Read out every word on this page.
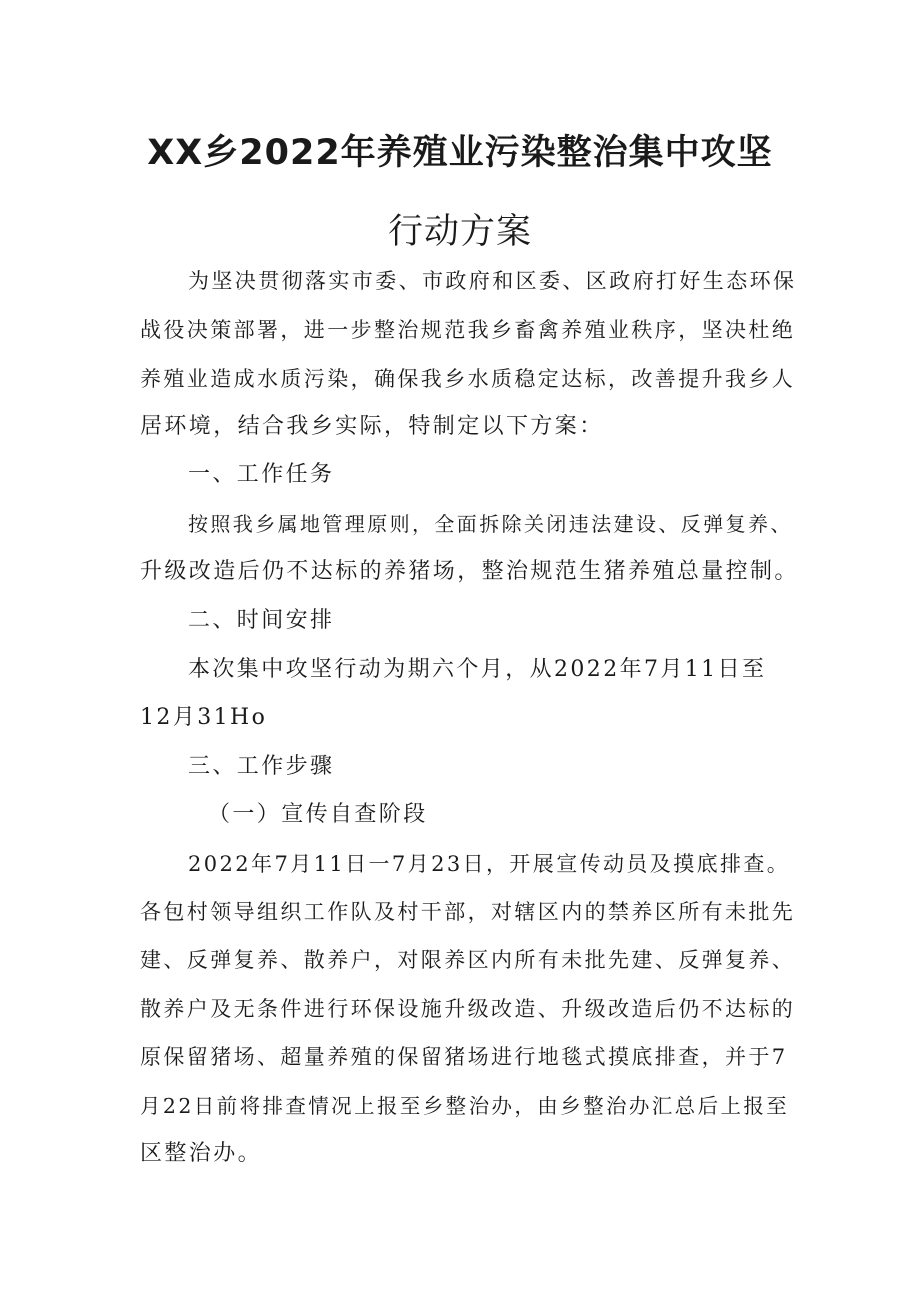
XX乡2022年养殖业污染整治集中攻坚
行动方案
为坚决贯彻落实市委、市政府和区委、区政府打好生态环保
战役决策部署，进一步整治规范我乡畜禽养殖业秩序，坚决杜绝
养殖业造成水质污染，确保我乡水质稳定达标，改善提升我乡人
居环境，结合我乡实际，特制定以下方案：
一、工作任务
按照我乡属地管理原则，全面拆除关闭违法建设、反弹复养、
升级改造后仍不达标的养猪场，整治规范生猪养殖总量控制。
二、时间安排
本次集中攻坚行动为期六个月，从2022年7月11日至
12月31Ho
三、工作步骤
（一）宣传自查阶段
2022年7月11日一7月23日，开展宣传动员及摸底排查。
各包村领导组织工作队及村干部，对辖区内的禁养区所有未批先
建、反弹复养、散养户，对限养区内所有未批先建、反弹复养、
散养户及无条件进行环保设施升级改造、升级改造后仍不达标的
原保留猪场、超量养殖的保留猪场进行地毯式摸底排查，并于7
月22日前将排查情况上报至乡整治办，由乡整治办汇总后上报至
区整治办。
